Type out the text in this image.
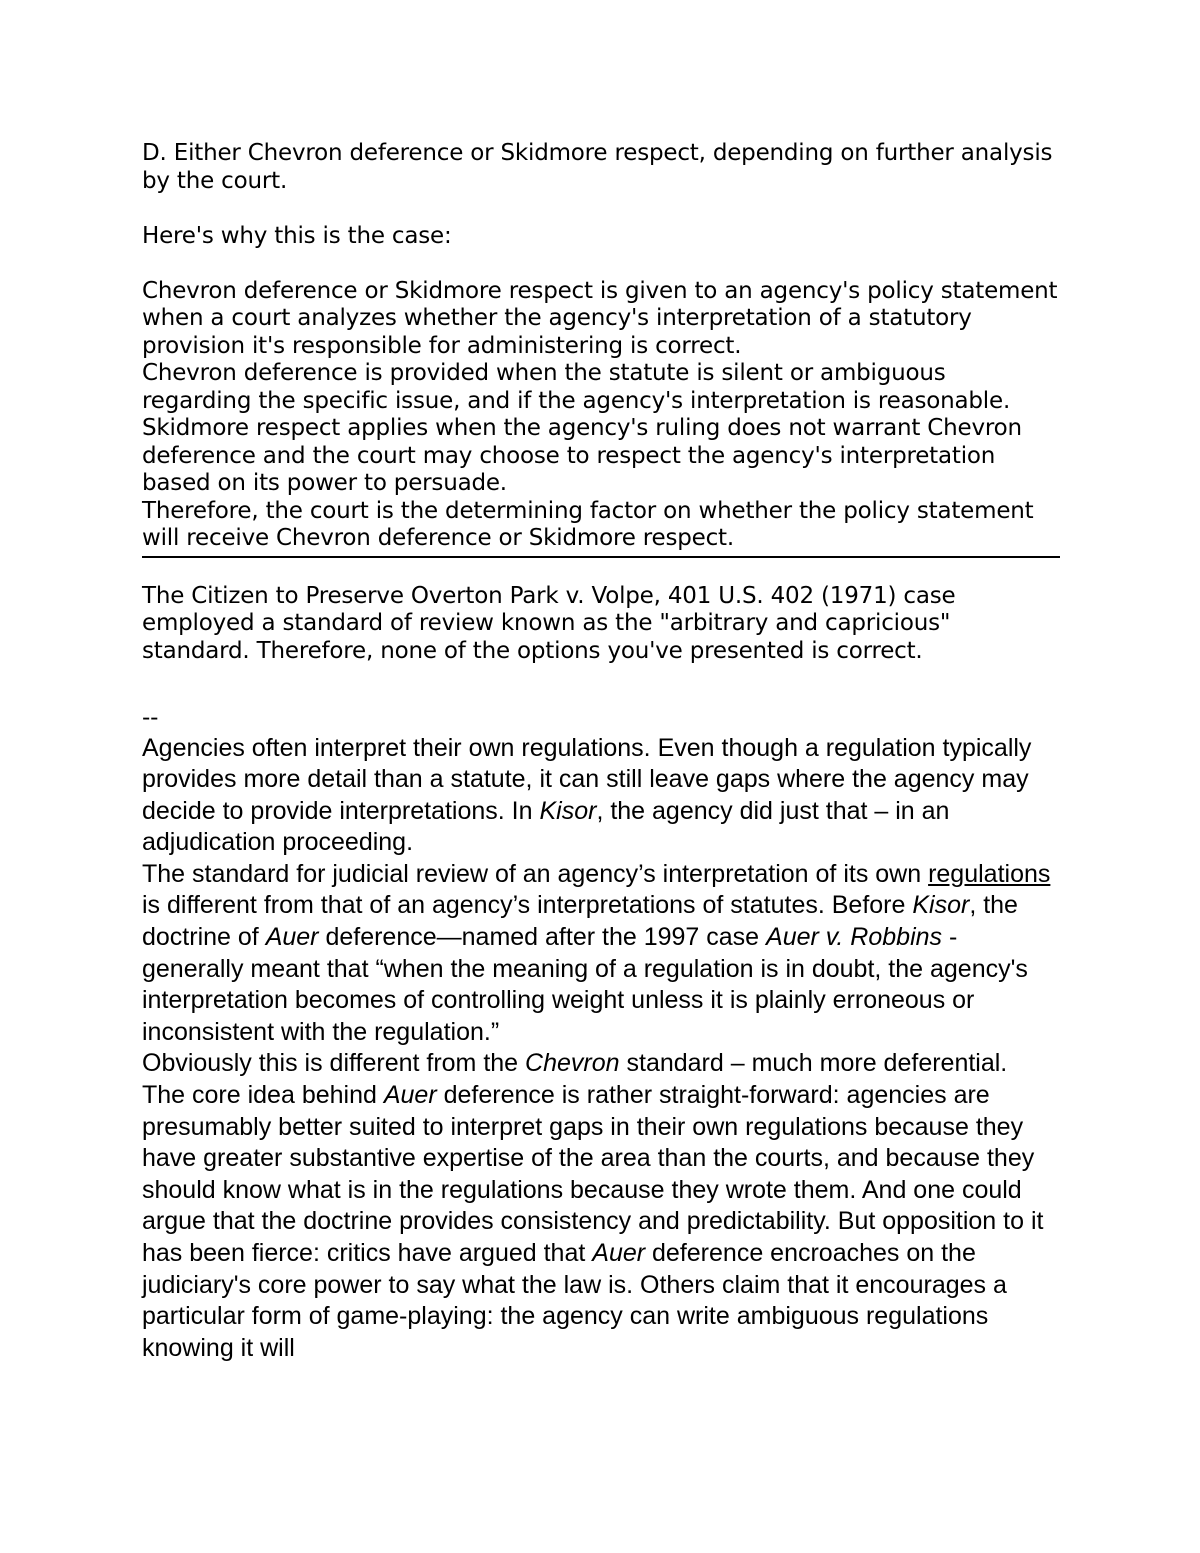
D. Either Chevron deference or Skidmore respect, depending on further analysis by the court.

Here's why this is the case:

Chevron deference or Skidmore respect is given to an agency's policy statement when a court analyzes whether the agency's interpretation of a statutory provision it's responsible for administering is correct.

Chevron deference is provided when the statute is silent or ambiguous regarding the specific issue, and if the agency's interpretation is reasonable.

Skidmore respect applies when the agency's ruling does not warrant Chevron deference and the court may choose to respect the agency's interpretation based on its power to persuade.

Therefore, the court is the determining factor on whether the policy statement will receive Chevron deference or Skidmore respect.

The Citizen to Preserve Overton Park v. Volpe, 401 U.S. 402 (1971) case employed a standard of review known as the "arbitrary and capricious" standard. Therefore, none of the options you've presented is correct.

--

Agencies often interpret their own regulations. Even though a regulation typically provides more detail than a statute, it can still leave gaps where the agency may decide to provide interpretations. In Kisor, the agency did just that – in an adjudication proceeding.

The standard for judicial review of an agency’s interpretation of its own regulations is different from that of an agency’s interpretations of statutes. Before Kisor, the doctrine of Auer deference—named after the 1997 case Auer v. Robbins - generally meant that “when the meaning of a regulation is in doubt, the agency's interpretation becomes of controlling weight unless it is plainly erroneous or inconsistent with the regulation.”

Obviously this is different from the Chevron standard – much more deferential.

The core idea behind Auer deference is rather straight-forward: agencies are presumably better suited to interpret gaps in their own regulations because they have greater substantive expertise of the area than the courts, and because they should know what is in the regulations because they wrote them. And one could argue that the doctrine provides consistency and predictability. But opposition to it has been fierce: critics have argued that Auer deference encroaches on the judiciary's core power to say what the law is. Others claim that it encourages a particular form of game-playing: the agency can write ambiguous regulations knowing it will
